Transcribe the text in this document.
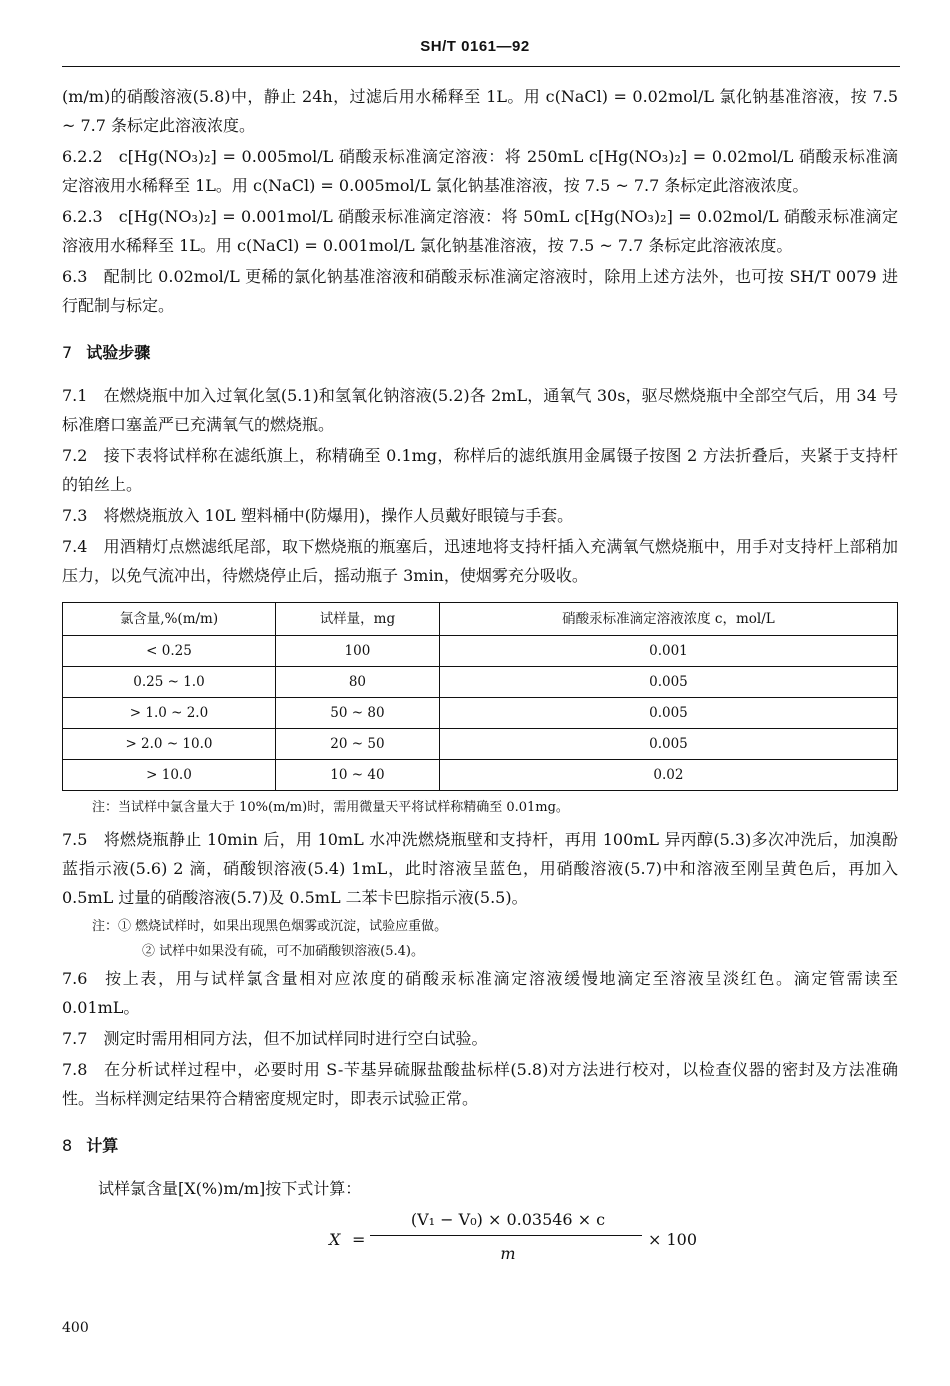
SH/T 0161—92

(m/m)的硝酸溶液(5.8)中，静止 24h，过滤后用水稀释至 1L。用 c(NaCl) = 0.02mol/L 氯化钠基准溶液，按 7.5 ~ 7.7 条标定此溶液浓度。

6.2.2 c[Hg(NO₃)₂] = 0.005mol/L 硝酸汞标准滴定溶液：将 250mL c[Hg(NO₃)₂] = 0.02mol/L 硝酸汞标准滴定溶液用水稀释至 1L。用 c(NaCl) = 0.005mol/L 氯化钠基准溶液，按 7.5 ~ 7.7 条标定此溶液浓度。

6.2.3 c[Hg(NO₃)₂] = 0.001mol/L 硝酸汞标准滴定溶液：将 50mL c[Hg(NO₃)₂] = 0.02mol/L 硝酸汞标准滴定溶液用水稀释至 1L。用 c(NaCl) = 0.001mol/L 氯化钠基准溶液，按 7.5 ~ 7.7 条标定此溶液浓度。

6.3 配制比 0.02mol/L 更稀的氯化钠基准溶液和硝酸汞标准滴定溶液时，除用上述方法外，也可按 SH/T 0079 进行配制与标定。

7 试验步骤

7.1 在燃烧瓶中加入过氧化氢(5.1)和氢氧化钠溶液(5.2)各 2mL，通氧气 30s，驱尽燃烧瓶中全部空气后，用 34 号标准磨口塞盖严已充满氧气的燃烧瓶。

7.2 接下表将试样称在滤纸旗上，称精确至 0.1mg，称样后的滤纸旗用金属镊子按图 2 方法折叠后，夹紧于支持杆的铂丝上。

7.3 将燃烧瓶放入 10L 塑料桶中(防爆用)，操作人员戴好眼镜与手套。

7.4 用酒精灯点燃滤纸尾部，取下燃烧瓶的瓶塞后，迅速地将支持杆插入充满氧气燃烧瓶中，用手对支持杆上部稍加压力，以免气流冲出，待燃烧停止后，摇动瓶子 3min，使烟雾充分吸收。

氯含量,%(m/m)	试样量，mg	硝酸汞标准滴定溶液浓度 c，mol/L
< 0.25	100	0.001
0.25 ~ 1.0	80	0.005
> 1.0 ~ 2.0	50 ~ 80	0.005
> 2.0 ~ 10.0	20 ~ 50	0.005
> 10.0	10 ~ 40	0.02
注：当试样中氯含量大于 10%(m/m)时，需用微量天平将试样称精确至 0.01mg。

7.5 将燃烧瓶静止 10min 后，用 10mL 水冲洗燃烧瓶壁和支持杆，再用 100mL 异丙醇(5.3)多次冲洗后，加溴酚蓝指示液(5.6) 2 滴，硝酸钡溶液(5.4) 1mL，此时溶液呈蓝色，用硝酸溶液(5.7)中和溶液至刚呈黄色后，再加入 0.5mL 过量的硝酸溶液(5.7)及 0.5mL 二苯卡巴腙指示液(5.5)。

注：① 燃烧试样时，如果出现黑色烟雾或沉淀，试验应重做。
② 试样中如果没有硫，可不加硝酸钡溶液(5.4)。

7.6 按上表，用与试样氯含量相对应浓度的硝酸汞标准滴定溶液缓慢地滴定至溶液呈淡红色。滴定管需读至 0.01mL。

7.7 测定时需用相同方法，但不加试样同时进行空白试验。

7.8 在分析试样过程中，必要时用 S-苄基异硫脲盐酸盐标样(5.8)对方法进行校对，以检查仪器的密封及方法准确性。当标样测定结果符合精密度规定时，即表示试验正常。

8 计算
试样氯含量[X(%)m/m]按下式计算：
X =
(V₁ − V₀) × 0.03546 × c
m
× 100
400
